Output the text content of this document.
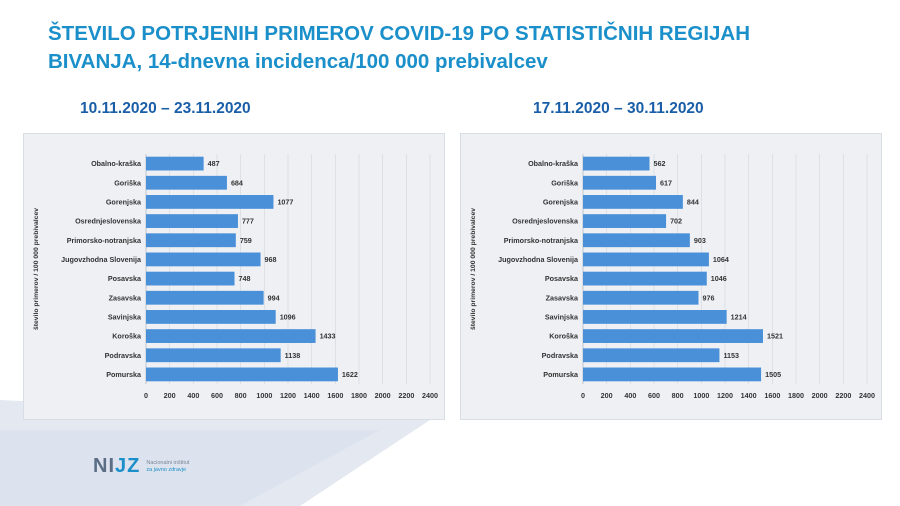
ŠTEVILO POTRJENIH PRIMEROV COVID-19 PO STATISTIČNIH REGIJAH
BIVANJA, 14-dnevna incidenca/100 000 prebivalcev
10.11.2020 – 23.11.2020	17.11.2020 – 30.11.2020
Obalno-kraška	487
Goriška	684
Gorenjska	1077
Osrednjeslovenska	777
Primorsko-notranjska	759
Jugovzhodna Slovenija	968
Posavska	748
Zasavska	994
Savinjska	1096
Koroška	1433
Podravska	1138
Pomurska	1622
0 200 400 600 800 1000 1200 1400 1600 1800 2000 2200 2400
število primerov / 100 000 prebivalcev
Obalno-kraška	562
Goriška	617
Gorenjska	844
Osrednjeslovenska	702
Primorsko-notranjska	903
Jugovzhodna Slovenija	1064
Posavska	1046
Zasavska	976
Savinjska	1214
Koroška	1521
Podravska	1153
Pomurska	1505
0 200 400 600 800 1000 1200 1400 1600 1800 2000 2200 2400
število primerov / 100 000 prebivalcev
NIJZ Nacionalni inštitut
za javno zdravje
